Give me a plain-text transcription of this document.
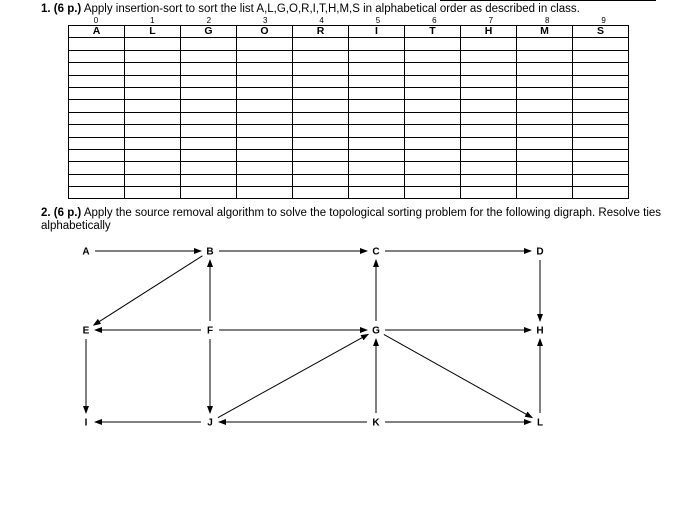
1. (6 p.) Apply insertion-sort to sort the list A,L,G,O,R,I,T,H,M,S in alphabetical order as described in class.
0	1	2	3	4	5	6	7	8	9
A	L	G	O	R	I	T	H	M	S

2. (6 p.) Apply the source removal algorithm to solve the topological sorting problem for the following digraph. Resolve ties alphabetically
A	B	C	D
E	F	G	H
I	J	K	L
